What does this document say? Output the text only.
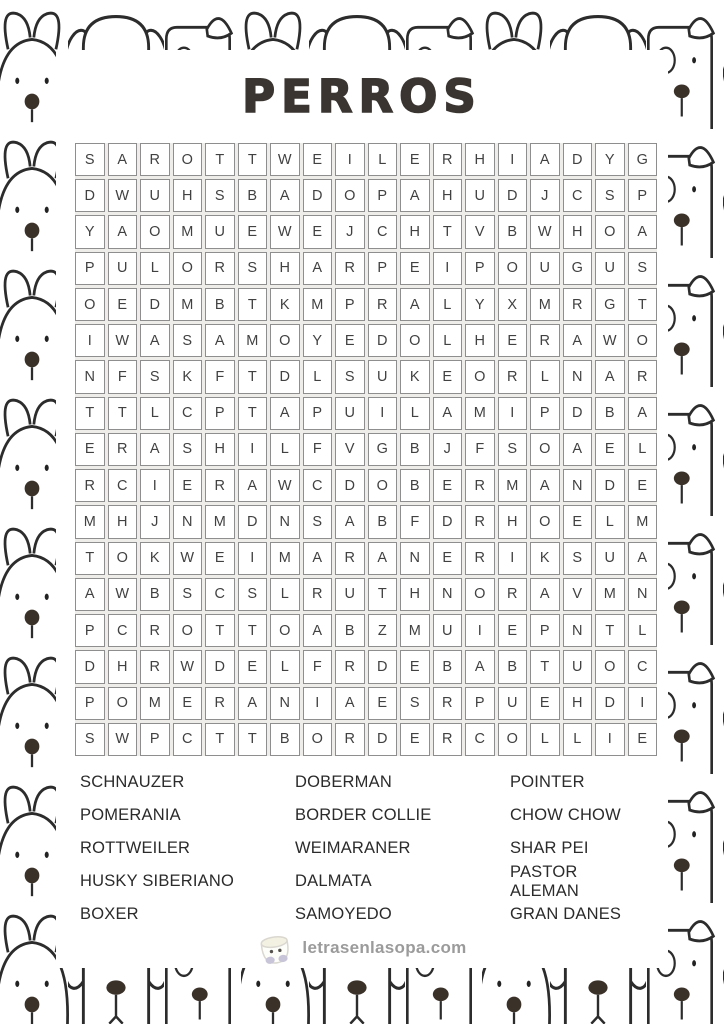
PERROS
S	A	R	O	T	T	W	E	I	L	E	R	H	I	A	D	Y	G
D	W	U	H	S	B	A	D	O	P	A	H	U	D	J	C	S	P
Y	A	O	M	U	E	W	E	J	C	H	T	V	B	W	H	O	A
P	U	L	O	R	S	H	A	R	P	E	I	P	O	U	G	U	S
O	E	D	M	B	T	K	M	P	R	A	L	Y	X	M	R	G	T
I	W	A	S	A	M	O	Y	E	D	O	L	H	E	R	A	W	O
N	F	S	K	F	T	D	L	S	U	K	E	O	R	L	N	A	R
T	T	L	C	P	T	A	P	U	I	L	A	M	I	P	D	B	A
E	R	A	S	H	I	L	F	V	G	B	J	F	S	O	A	E	L
R	C	I	E	R	A	W	C	D	O	B	E	R	M	A	N	D	E
M	H	J	N	M	D	N	S	A	B	F	D	R	H	O	E	L	M
T	O	K	W	E	I	M	A	R	A	N	E	R	I	K	S	U	A
A	W	B	S	C	S	L	R	U	T	H	N	O	R	A	V	M	N
P	C	R	O	T	T	O	A	B	Z	M	U	I	E	P	N	T	L
D	H	R	W	D	E	L	F	R	D	E	B	A	B	T	U	O	C
P	O	M	E	R	A	N	I	A	E	S	R	P	U	E	H	D	I
S	W	P	C	T	T	B	O	R	D	E	R	C	O	L	L	I	E
SCHNAUZER
POMERANIA
ROTTWEILER
HUSKY SIBERIANO
BOXER
DOBERMAN
BORDER COLLIE
WEIMARANER
DALMATA
SAMOYEDO
POINTER
CHOW CHOW
SHAR PEI
PASTOR ALEMAN
GRAN DANES
letrasenlasopa.com
